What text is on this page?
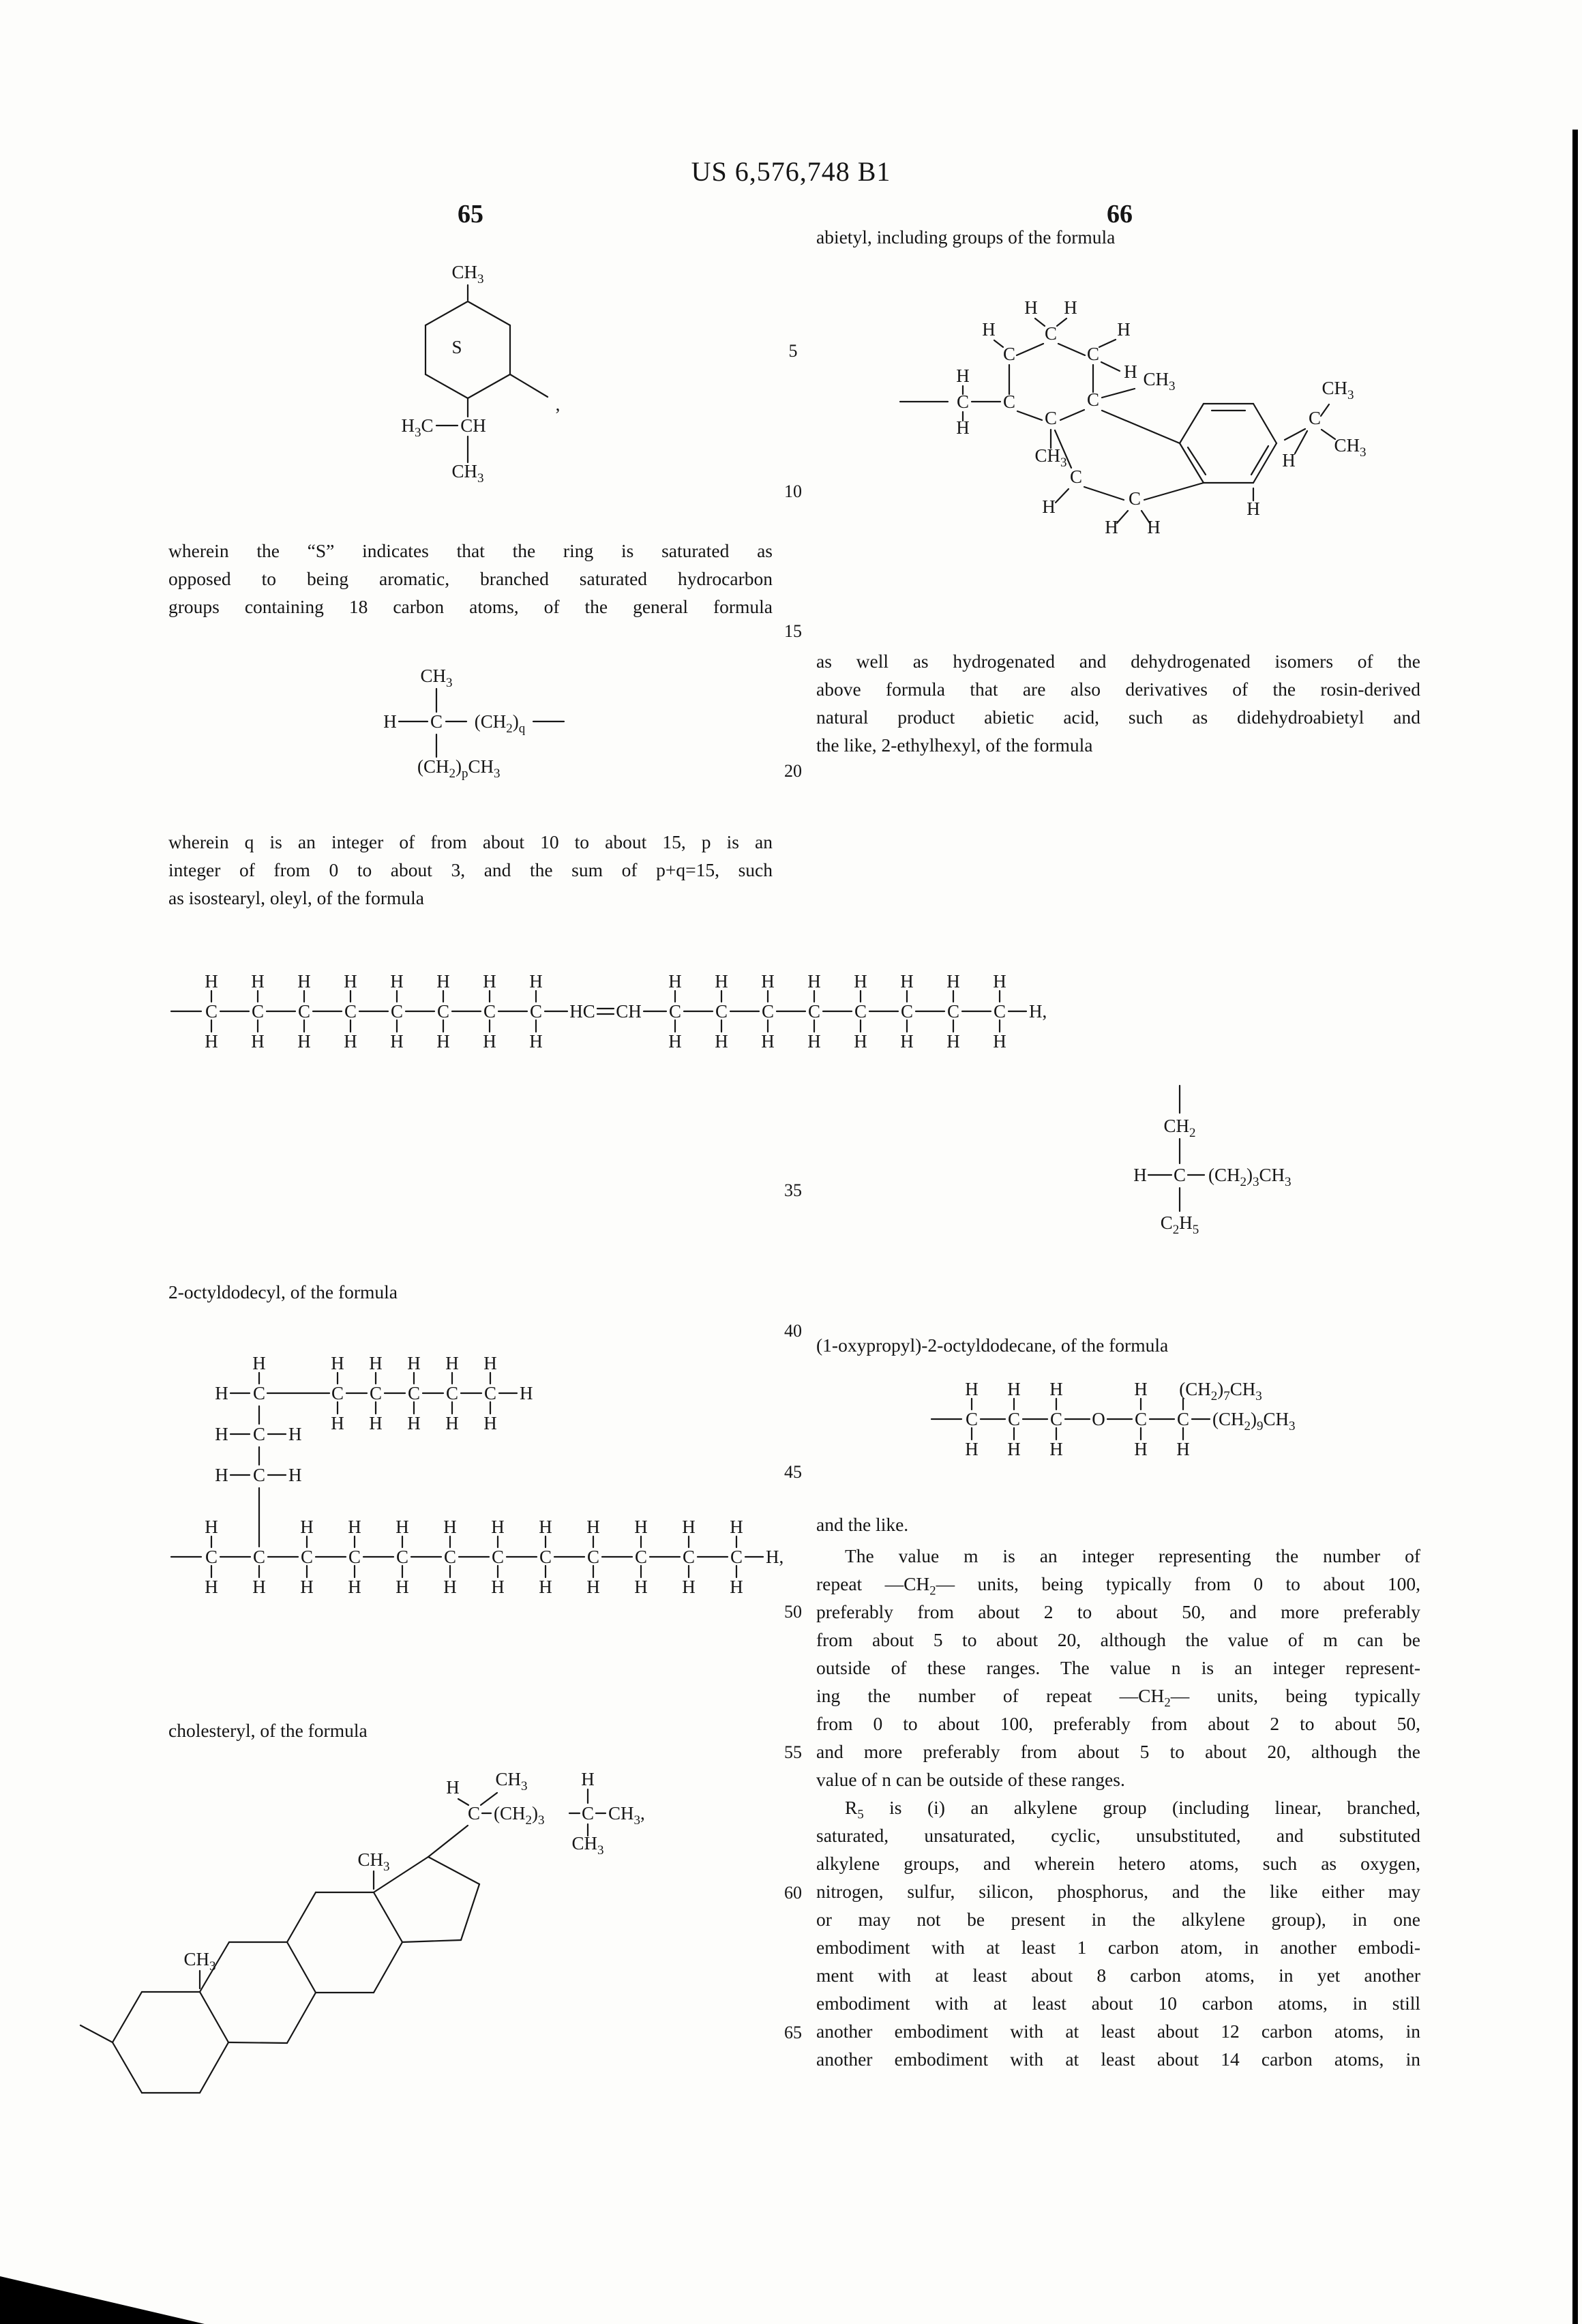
US 6,576,748 B1
65	66
5
10
15
20
35
40
45
50
55
60
65
$CH_3$
S
$H_3C$ CH
$CH_3$
,
wherein the “S” indicates that the ring is saturated as
opposed to being aromatic, branched saturated hydrocarbon
groups containing 18 carbon atoms, of the general formula
$CH_3$
H C $(CH_2)_q$
$(CH_2)_pCH_3$
wherein q is an integer of from about 10 to about 15, p is an
integer of from 0 to about 3, and the sum of p+q=15, such
as isostearyl, oleyl, of the formula
C
H
H
C
H
H
C
H
H
C
H
H
C
H
H
C
H
H
C
H
H
C
H
H
HC CH C
H
H
C
H
H
C
H
H
C
H
H
C
H
H
C
H
H
C
H
H
C
H
H
H,
2-octyldodecyl, of the formula
C
H
H	C
H
H
C
H
H
C
H
H
C
H
H
C
H
H
H
C
H	H
C
H	H
C
H
H
C
H
C
H
H
C
H
H
C
H
H
C
H
H
C
H
H
C
H
H
C
H
H
C
H
H
C
H
H
C
H
H
H,
cholesteryl, of the formula
$CH_3$
$CH_3$
C
H $CH_3$
$(CH_2)_3$ C
H
$CH_3$
$CH_3$,
abietyl, including groups of the formula
H H
C
H
C
H
C
H
H
C
H
C	C
C
$CH_3$
$CH_3$
C
H	C
H H
H
C
$CH_3$
$CH_3$
H
as well as hydrogenated and dehydrogenated isomers of the
above formula that are also derivatives of the rosin-derived
natural product abietic acid, such as didehydroabietyl and
the like, 2-ethylhexyl, of the formula
$CH_2$
H C $(CH_2)_3CH_3$
$C_2H_5$
(1-oxypropyl)-2-octyldodecane, of the formula
C
H
H
C
H
H
C
H
H
O C
H
H
C
$(CH_2)_7CH_3$
H
$(CH_2)_9CH_3$
and the like.
The value m is an integer representing the number of
repeat $—CH_2—$ units, being typically from 0 to about 100,
preferably from about 2 to about 50, and more preferably
from about 5 to about 20, although the value of m can be
outside of these ranges. The value n is an integer represent-
ing the number of repeat $—CH_2—$ units, being typically
from 0 to about 100, preferably from about 2 to about 50,
and more preferably from about 5 to about 20, although the
value of n can be outside of these ranges.
$R_5$ is (i) an alkylene group (including linear, branched,
saturated, unsaturated, cyclic, unsubstituted, and substituted
alkylene groups, and wherein hetero atoms, such as oxygen,
nitrogen, sulfur, silicon, phosphorus, and the like either may
or may not be present in the alkylene group), in one
embodiment with at least 1 carbon atom, in another embodi-
ment with at least about 8 carbon atoms, in yet another
embodiment with at least about 10 carbon atoms, in still
another embodiment with at least about 12 carbon atoms, in
another embodiment with at least about 14 carbon atoms, in
